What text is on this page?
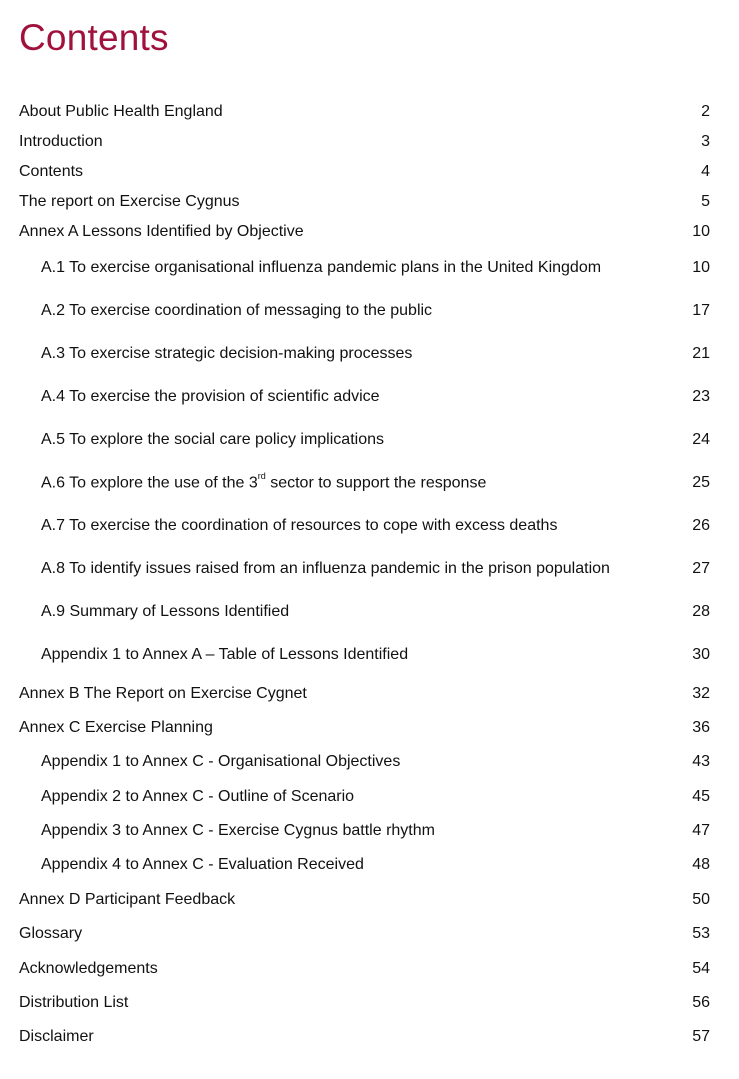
Contents
About Public Health England	2
Introduction	3
Contents	4
The report on Exercise Cygnus	5
Annex A Lessons Identified by Objective	10
A.1 To exercise organisational influenza pandemic plans in the United Kingdom	10
A.2 To exercise coordination of messaging to the public	17
A.3 To exercise strategic decision-making processes	21
A.4 To exercise the provision of scientific advice	23
A.5 To explore the social care policy implications	24
A.6 To explore the use of the 3rd sector to support the response	25
A.7 To exercise the coordination of resources to cope with excess deaths	26
A.8 To identify issues raised from an influenza pandemic in the prison population	27
A.9 Summary of Lessons Identified	28
Appendix 1 to Annex A – Table of Lessons Identified	30
Annex B The Report on Exercise Cygnet	32
Annex C Exercise Planning	36
Appendix 1 to Annex C - Organisational Objectives	43
Appendix 2 to Annex C - Outline of Scenario	45
Appendix 3 to Annex C - Exercise Cygnus battle rhythm	47
Appendix 4 to Annex C - Evaluation Received	48
Annex D Participant Feedback	50
Glossary	53
Acknowledgements	54
Distribution List	56
Disclaimer	57
